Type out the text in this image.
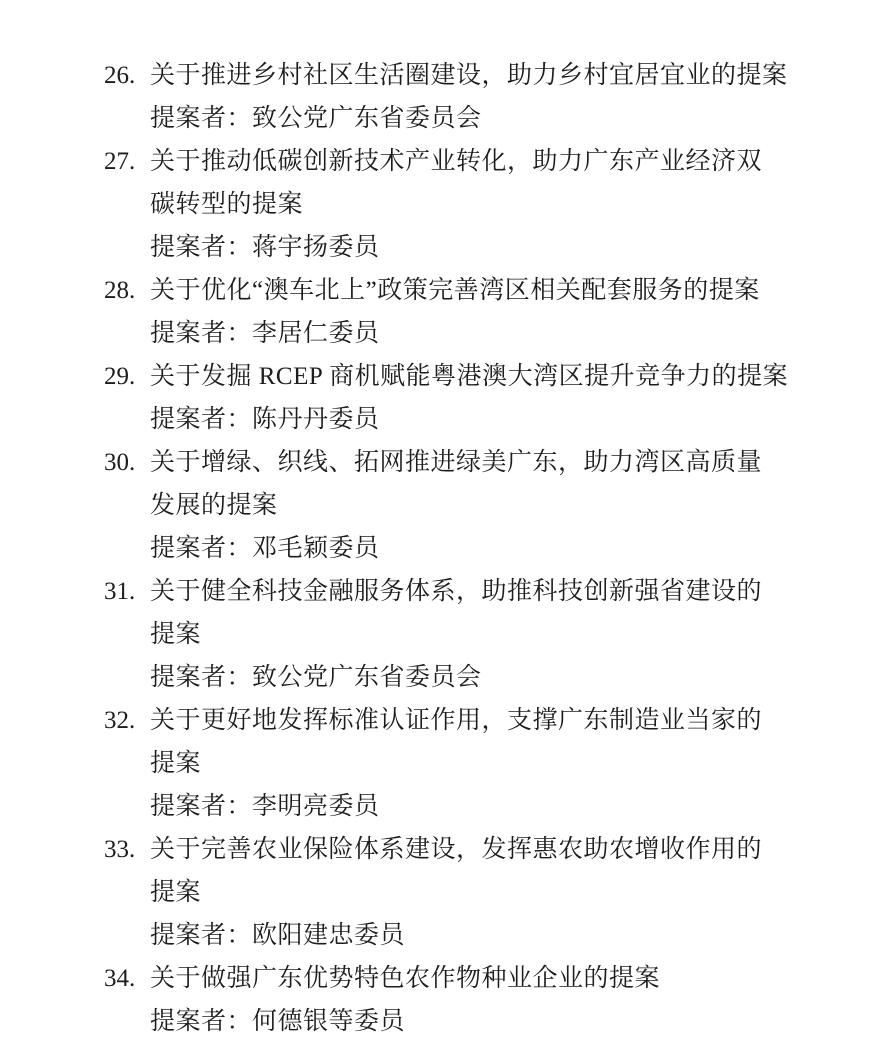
26. 关于推进乡村社区生活圈建设，助力乡村宜居宜业的提案
提案者：致公党广东省委员会
27. 关于推动低碳创新技术产业转化，助力广东产业经济双
碳转型的提案
提案者：蒋宇扬委员
28. 关于优化“澳车北上”政策完善湾区相关配套服务的提案
提案者：李居仁委员
29. 关于发掘 RCEP 商机赋能粤港澳大湾区提升竞争力的提案
提案者：陈丹丹委员
30. 关于增绿、织线、拓网推进绿美广东，助力湾区高质量
发展的提案
提案者：邓毛颖委员
31. 关于健全科技金融服务体系，助推科技创新强省建设的
提案
提案者：致公党广东省委员会
32. 关于更好地发挥标准认证作用，支撑广东制造业当家的
提案
提案者：李明亮委员
33. 关于完善农业保险体系建设，发挥惠农助农增收作用的
提案
提案者：欧阳建忠委员
34. 关于做强广东优势特色农作物种业企业的提案
提案者：何德银等委员
